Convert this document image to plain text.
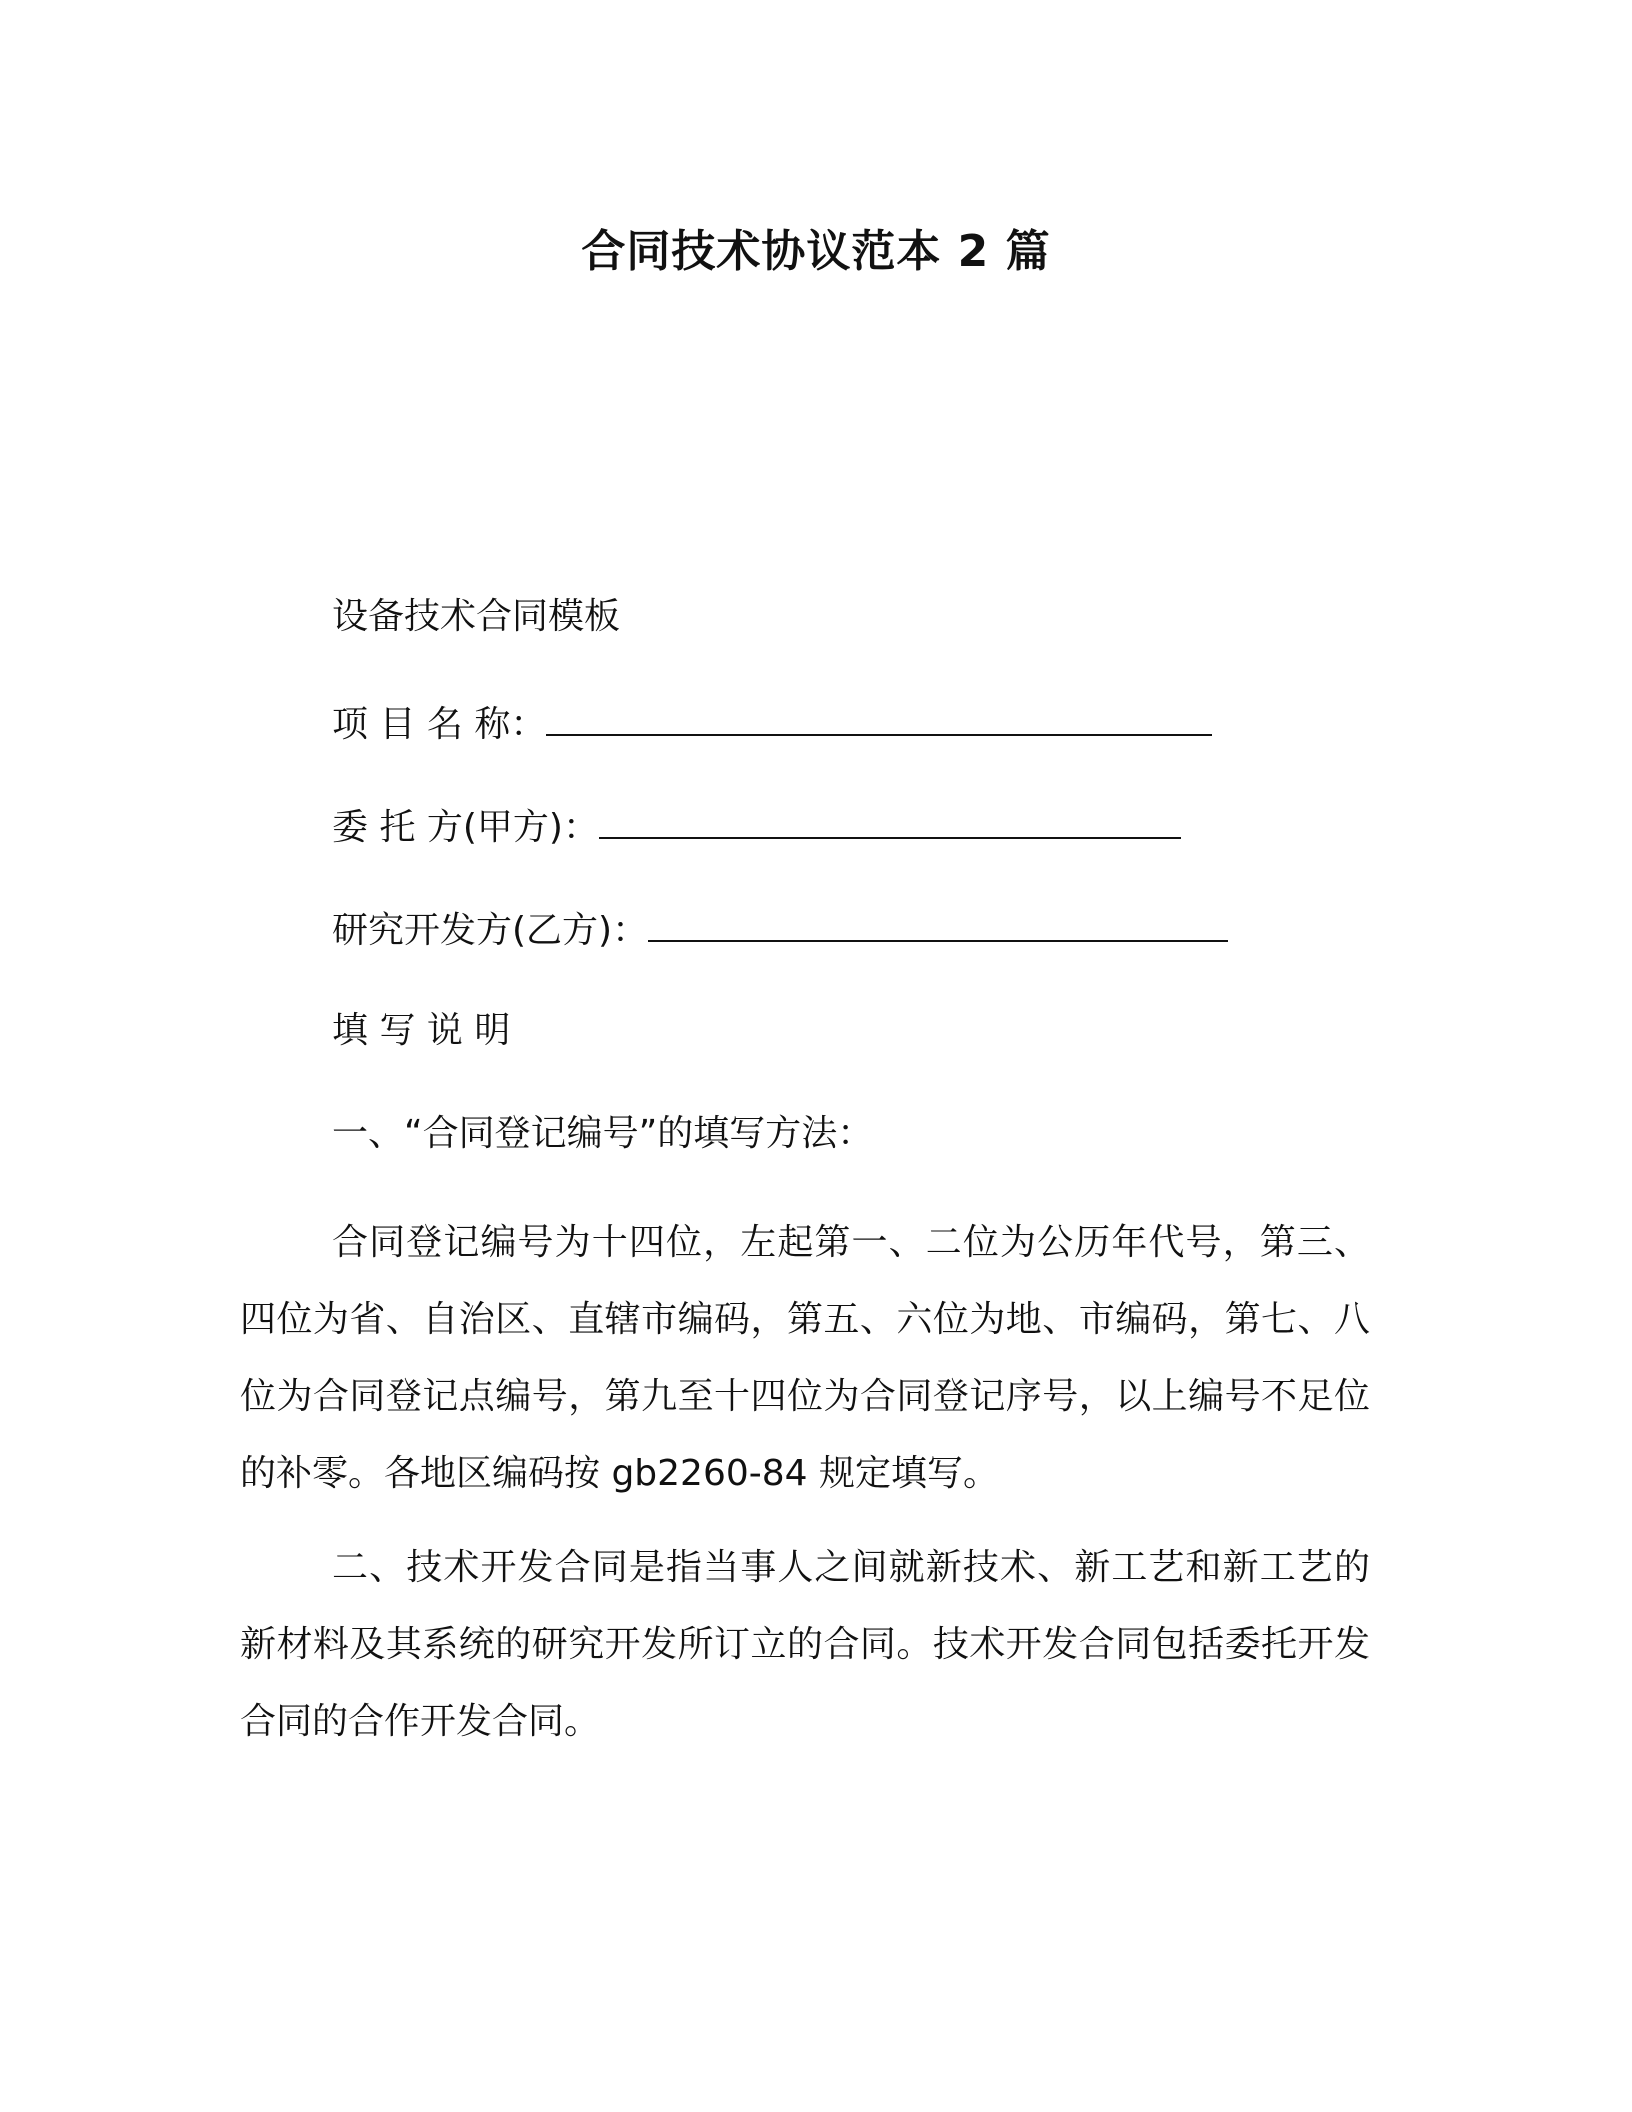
合同技术协议范本 2 篇
设备技术合同模板
项 目 名 称：
委 托 方(甲方)：
研究开发方(乙方)：
填 写 说 明
一、“合同登记编号”的填写方法：
合同登记编号为十四位，左起第一、二位为公历年代号，第三、四位为省、自治区、直辖市编码，第五、六位为地、市编码，第七、八位为合同登记点编号，第九至十四位为合同登记序号，以上编号不足位的补零。各地区编码按 gb2260-84 规定填写。
二、技术开发合同是指当事人之间就新技术、新工艺和新工艺的新材料及其系统的研究开发所订立的合同。技术开发合同包括委托开发合同的合作开发合同。
